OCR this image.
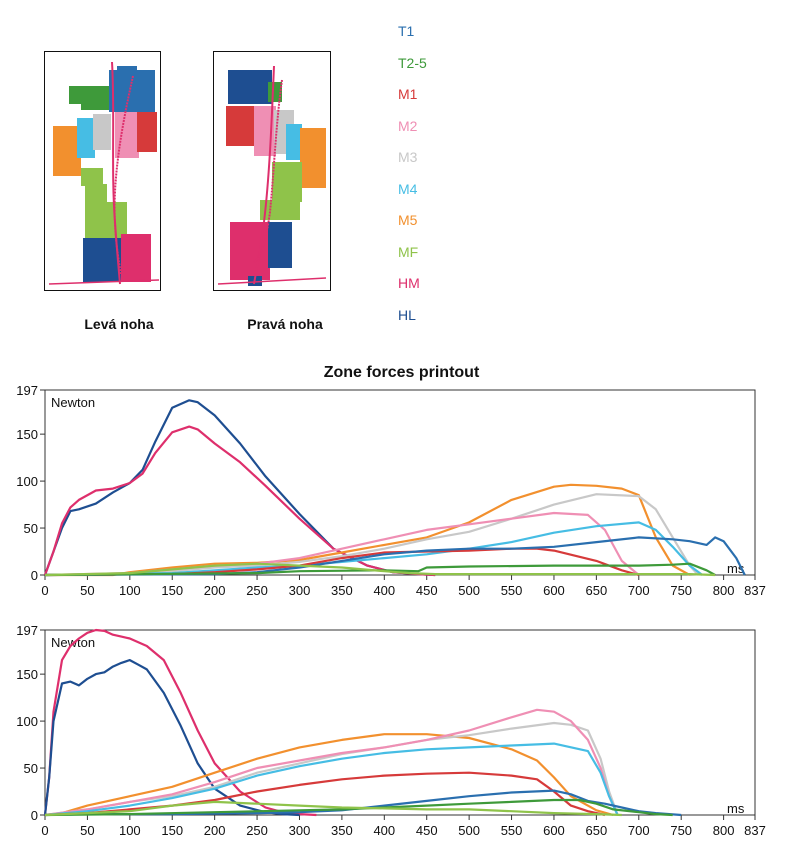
Levá noha	Pravá noha
T1
T2-5
M1
M2
M3
M4
M5
MF
HM
HL
Zone forces printout
0
50
100
150
197
0 50 100 150 200 250 300 350 400 450 500 550 600 650 700 750 800 837
Newton
ms
0
50
100
150
197
0 50 100 150 200 250 300 350 400 450 500 550 600 650 700 750 800 837
Newton
ms
